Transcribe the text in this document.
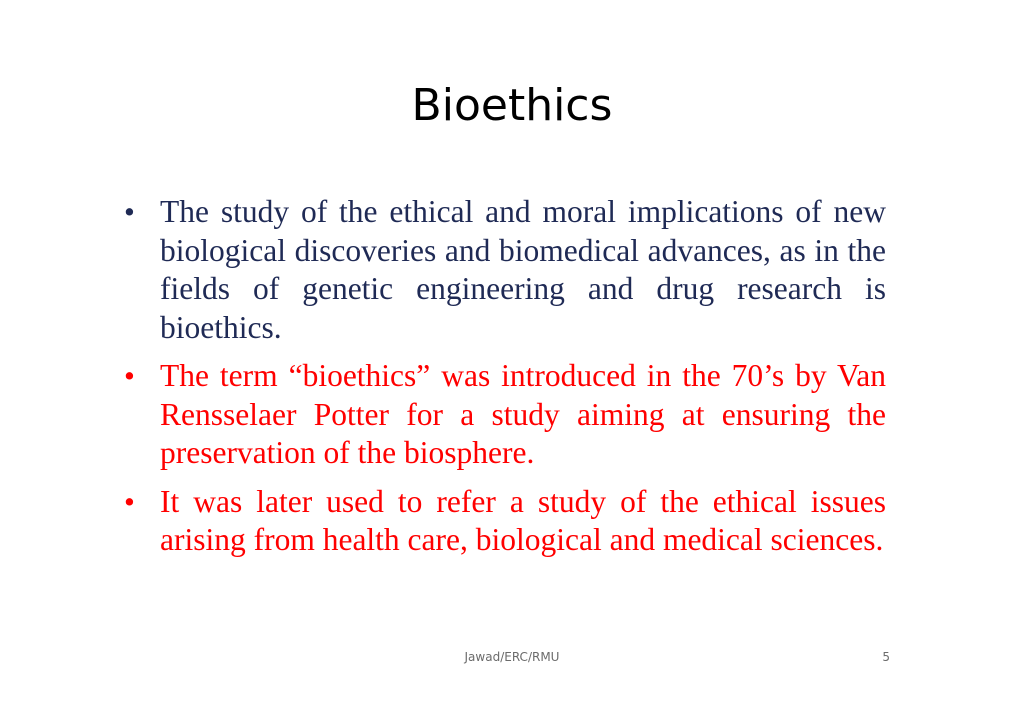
Bioethics
• The study of the ethical and moral implications of new biological discoveries and biomedical advances, as in the fields of genetic engineering and drug research is bioethics.
• The term “bioethics” was introduced in the 70’s by Van Rensselaer Potter for a study aiming at ensuring the preservation of the biosphere.
• It was later used to refer a study of the ethical issues arising from health care, biological and medical sciences.
Jawad/ERC/RMU	5
